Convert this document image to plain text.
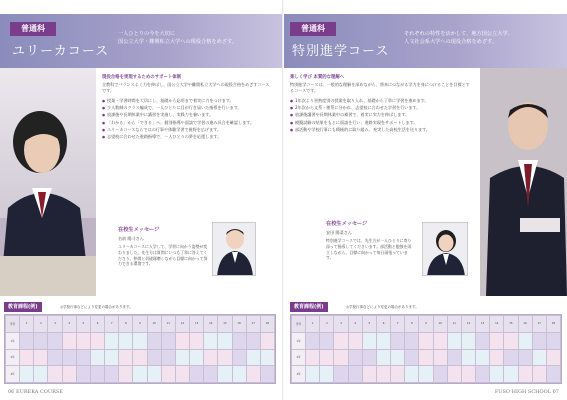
普通科
ユリーカコース
一人ひとりの今を大切に
国公立大学・難関私立大学への現役合格をめざす。
現役合格を実現するためのサポート体制
全教科でバランスよく力を伸ばし、国公立大学や難関私立大学への現役合格をめざすコースです。
● 授業・学習時間を大切にし、基礎から応用まで着実に力をつけます。
● 少人数制のクラス編成で、一人ひとりに目が行き届いた指導を行います。
● 放課後や長期休業中に講習を実施し、実践力を養います。
● 「わかる」から「できる」へ。個別指導や面談で学習の進み具合を確認します。
● ユリーカコースならではの行事や体験学習で視野を広げます。
● 志望校に合わせた進路指導で、一人ひとりの夢を応援します。
在校生メッセージ
名前 陽斗さん
ユリーカコースに入学して、学習に向かう姿勢が変わりました。先生方は質問にいつも丁寧に答えてくださり、仲間と切磋琢磨しながら目標に向かって努力できる環境です。
教育課程(例)	◎学校行事などにより変更の場合があります。
学年	1	2	3	4	5	6	7	8	9	10	11	12	13	14	15	16	17	18
1年																		
2年																		
3年																		
06 EUREKA COURSE
普通科
特別進学コース
それぞれの特性を活かして、地方国公立大学、
人文社会系大学への現役合格をめざす。
楽しく学び 本質的な理解へ
特別進学コースは、一般的な理解を深めながら、将来につながる学力を身につけることを目標とするコースです。
● 1年次より習熟度別の授業を取り入れ、基礎から丁寧に学習を進めます。
● 2年次から文系・理系に分かれ、志望校に合わせた学習を行います。
● 放課後講習や長期休業中の補習で、着実に実力を伸ばします。
● 模擬試験の結果をもとに面談を行い、進路実現をサポートします。
● 部活動や学校行事にも積極的に取り組み、充実した高校生活を送ります。
在校生メッセージ
安田 陽菜さん
特別進学コースでは、先生方が一人ひとりに寄り添って指導してくださいます。部活動と勉強を両立しながら、目標に向かって毎日頑張っています。
教育課程(例)	◎学校行事などにより変更の場合があります。
学年	1	2	3	4	5	6	7	8	9	10	11	12	13	14	15	16	17	18
1年																		
2年																		
3年																		
FUSO HIGH SCHOOL 07
